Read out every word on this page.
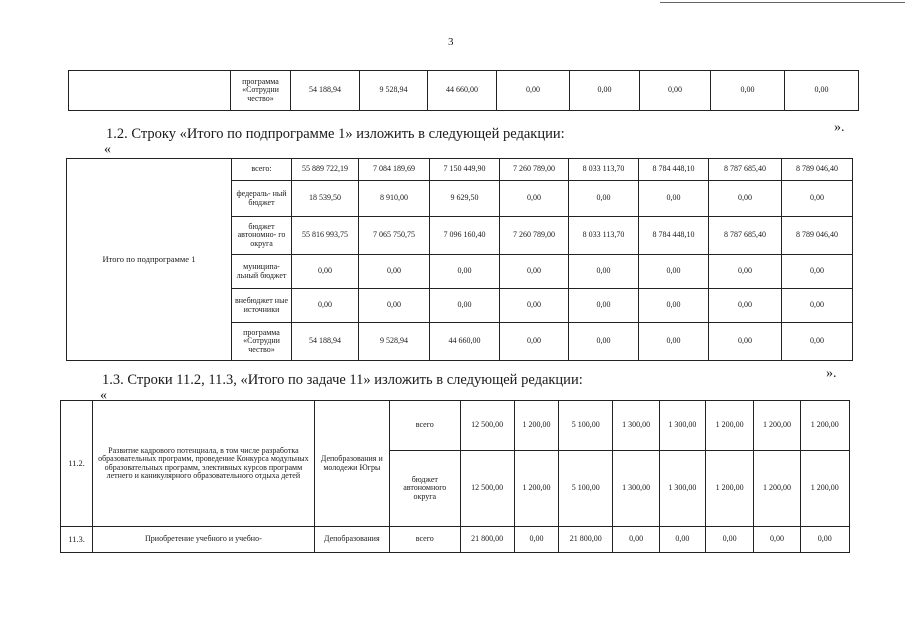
3
	программа «Сотрудни чество»	54 188,94	9 528,94	44 660,00	0,00	0,00	0,00	0,00	0,00
1.2. Строку «Итого по подпрограмме 1» изложить в следующей редакции:
«
».
Итого по подпрограмме 1	всего:	55 889 722,19	7 084 189,69	7 150 449,90	7 260 789,00	8 033 113,70	8 784 448,10	8 787 685,40	8 789 046,40
	федераль- ный бюджет	18 539,50	8 910,00	9 629,50	0,00	0,00	0,00	0,00	0,00
	бюджет автономно- го округа	55 816 993,75	7 065 750,75	7 096 160,40	7 260 789,00	8 033 113,70	8 784 448,10	8 787 685,40	8 789 046,40
	муниципа- льный бюджет	0,00	0,00	0,00	0,00	0,00	0,00	0,00	0,00
	внебюджет ные источники	0,00	0,00	0,00	0,00	0,00	0,00	0,00	0,00
	программа «Сотрудни чество»	54 188,94	9 528,94	44 660,00	0,00	0,00	0,00	0,00	0,00
1.3. Строки 11.2, 11.3, «Итого по задаче 11» изложить в следующей редакции:
«
».
11.2.	Развитие кадрового потенциала, в том числе разработка образовательных программ, проведение Конкурса модульных образовательных программ, элективных курсов программ летнего и каникулярного образовательного отдыха детей	Депобразования и молодежи Югры	всего	12 500,00	1 200,00	5 100,00	1 300,00	1 300,00	1 200,00	1 200,00	1 200,00
			бюджет автономного округа	12 500,00	1 200,00	5 100,00	1 300,00	1 300,00	1 200,00	1 200,00	1 200,00
11.3.	Приобретение учебного и учебно-	Депобразования	всего	21 800,00	0,00	21 800,00	0,00	0,00	0,00	0,00	0,00
